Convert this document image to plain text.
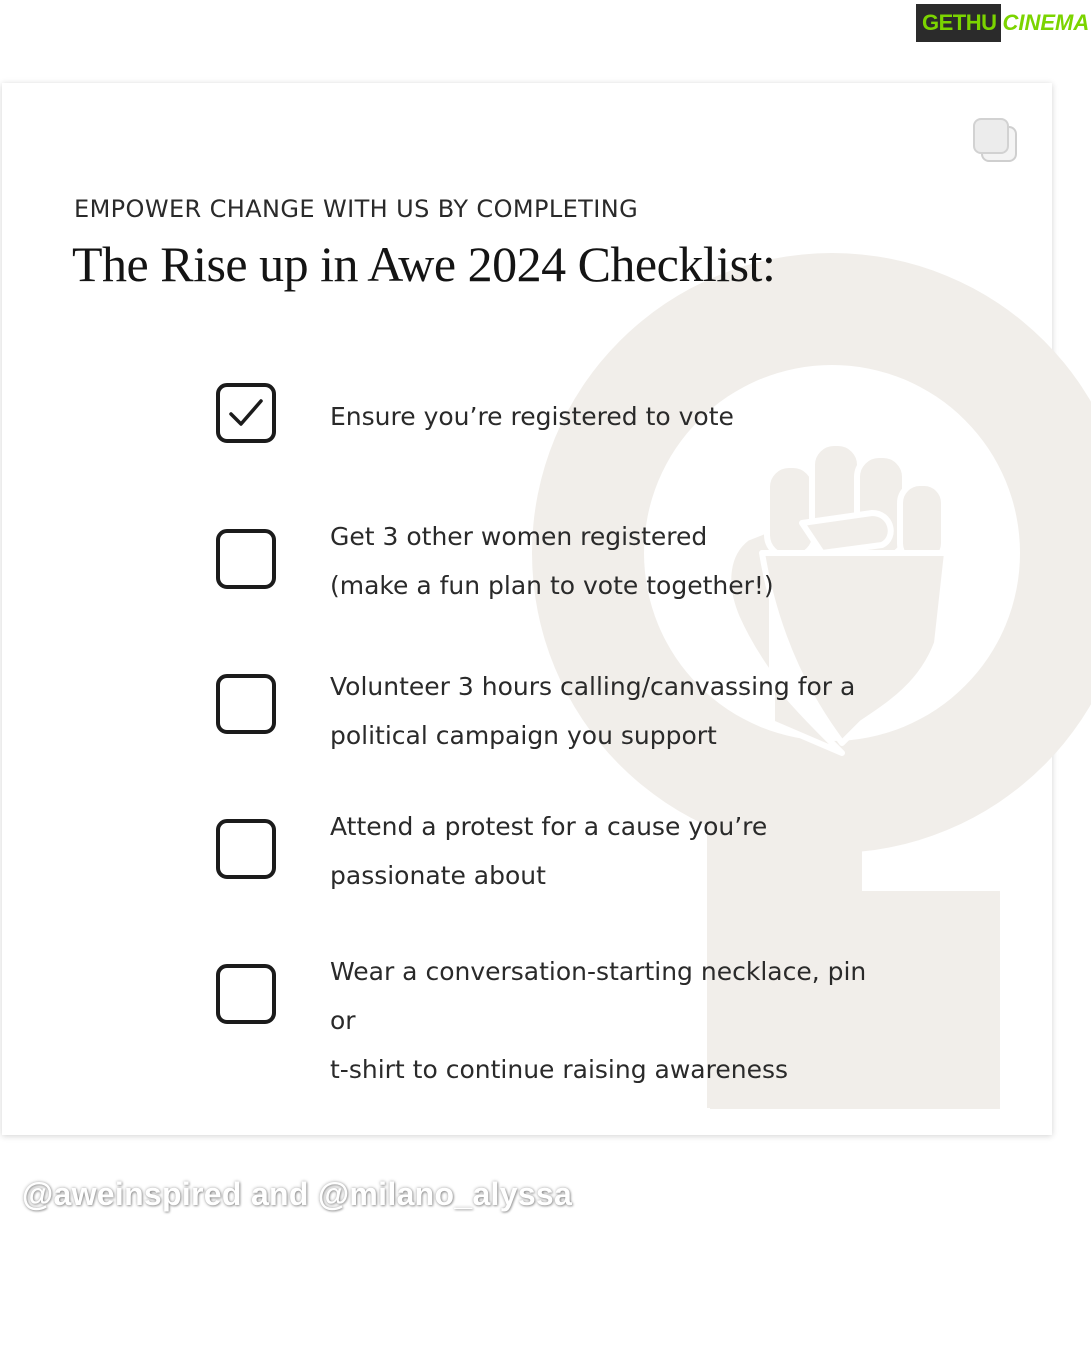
GETHU CINEMA
EMPOWER CHANGE WITH US BY COMPLETING
The Rise up in Awe 2024 Checklist:
Ensure you’re registered to vote
Get 3 other women registered
(make a fun plan to vote together!)
Volunteer 3 hours calling/canvassing for a
political campaign you support
Attend a protest for a cause you’re
passionate about
Wear a conversation-starting necklace, pin or
t-shirt to continue raising awareness
@aweinspired and @milano_alyssa
